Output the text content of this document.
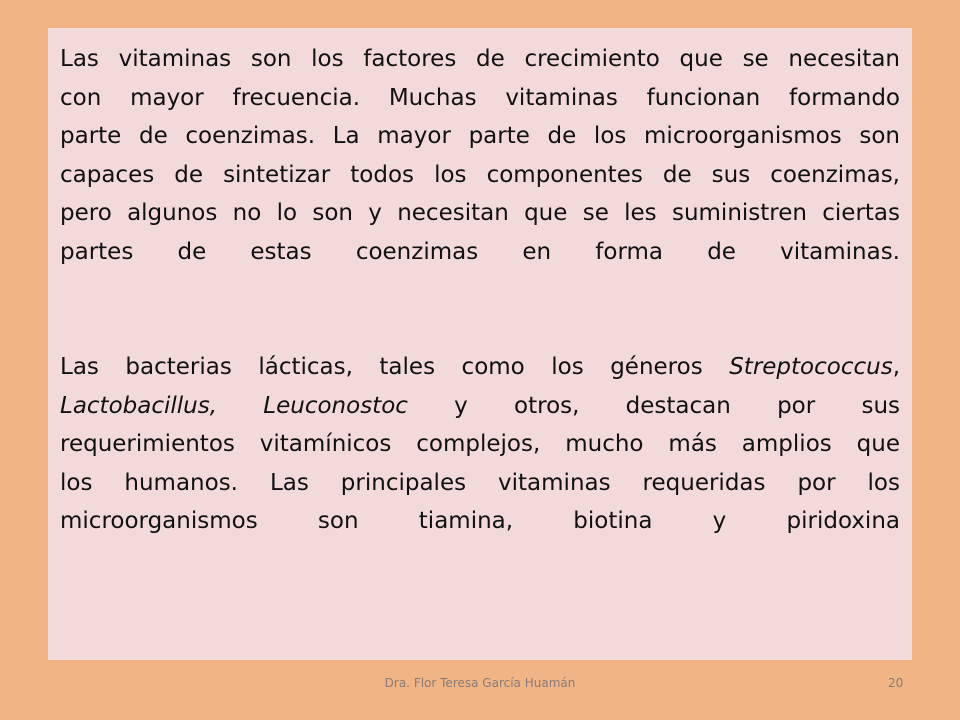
Las vitaminas son los factores de crecimiento que se necesitan
con mayor frecuencia. Muchas vitaminas funcionan formando
parte de coenzimas. La mayor parte de los microorganismos son
capaces de sintetizar todos los componentes de sus coenzimas,
pero algunos no lo son y necesitan que se les suministren ciertas
partes de estas coenzimas en forma de vitaminas.

Las bacterias lácticas, tales como los géneros Streptococcus,
Lactobacillus, Leuconostoc y otros, destacan por sus
requerimientos vitamínicos complejos, mucho más amplios que
los humanos. Las principales vitaminas requeridas por los
microorganismos son tiamina, biotina y piridoxina

Dra. Flor Teresa García Huamán	20
